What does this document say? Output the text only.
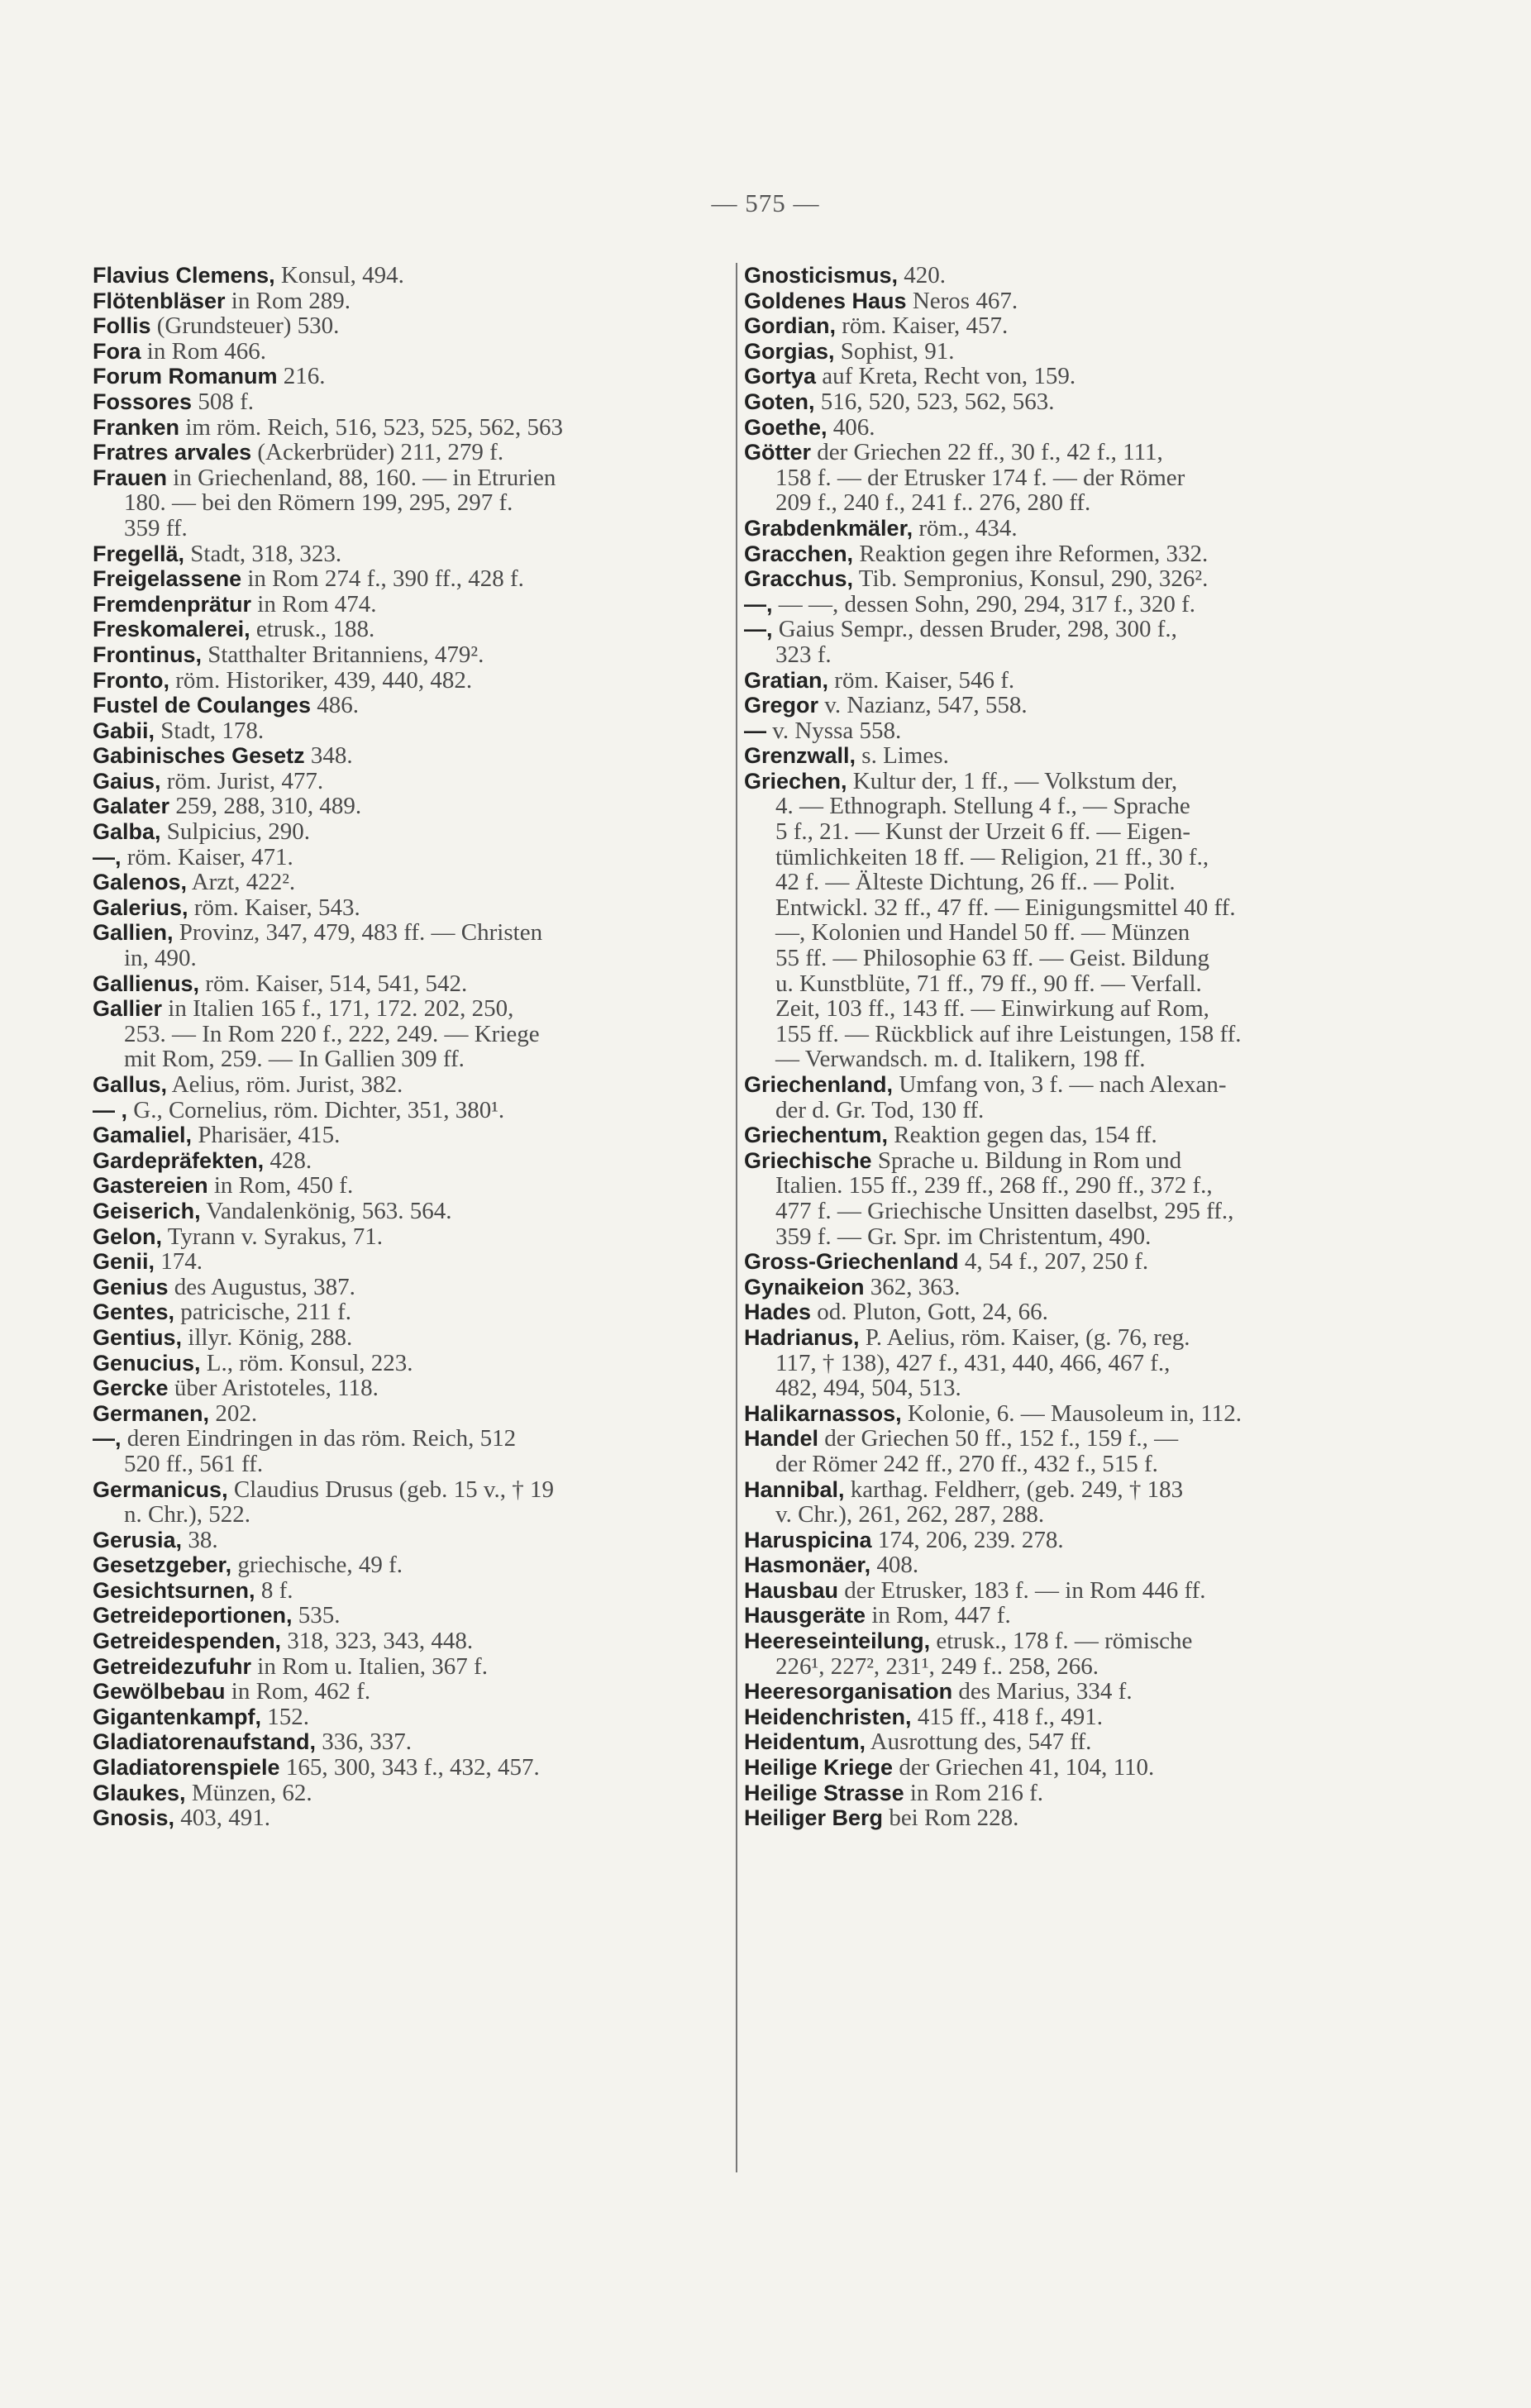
— 575 —

Flavius Clemens, Konsul, 494.

Flötenbläser in Rom 289.

Follis (Grundsteuer) 530.

Fora in Rom 466.

Forum Romanum 216.

Fossores 508 f.

Franken im röm. Reich, 516, 523, 525, 562, 563

Fratres arvales (Ackerbrüder) 211, 279 f.

Frauen in Griechenland, 88, 160. — in Etrurien

180. — bei den Römern 199, 295, 297 f.

359 ff.

Fregellä, Stadt, 318, 323.

Freigelassene in Rom 274 f., 390 ff., 428 f.

Fremdenprätur in Rom 474.

Freskomalerei, etrusk., 188.

Frontinus, Statthalter Britanniens, 479².

Fronto, röm. Historiker, 439, 440, 482.

Fustel de Coulanges 486.

Gabii, Stadt, 178.

Gabinisches Gesetz 348.

Gaius, röm. Jurist, 477.

Galater 259, 288, 310, 489.

Galba, Sulpicius, 290.

—, röm. Kaiser, 471.

Galenos, Arzt, 422².

Galerius, röm. Kaiser, 543.

Gallien, Provinz, 347, 479, 483 ff. — Christen

in, 490.

Gallienus, röm. Kaiser, 514, 541, 542.

Gallier in Italien 165 f., 171, 172. 202, 250,

253. — In Rom 220 f., 222, 249. — Kriege

mit Rom, 259. — In Gallien 309 ff.

Gallus, Aelius, röm. Jurist, 382.

— , G., Cornelius, röm. Dichter, 351, 380¹.

Gamaliel, Pharisäer, 415.

Gardepräfekten, 428.

Gastereien in Rom, 450 f.

Geiserich, Vandalenkönig, 563. 564.

Gelon, Tyrann v. Syrakus, 71.

Genii, 174.

Genius des Augustus, 387.

Gentes, patricische, 211 f.

Gentius, illyr. König, 288.

Genucius, L., röm. Konsul, 223.

Gercke über Aristoteles, 118.

Germanen, 202.

—, deren Eindringen in das röm. Reich, 512

520 ff., 561 ff.

Germanicus, Claudius Drusus (geb. 15 v., † 19

n. Chr.), 522.

Gerusia, 38.

Gesetzgeber, griechische, 49 f.

Gesichtsurnen, 8 f.

Getreideportionen, 535.

Getreidespenden, 318, 323, 343, 448.

Getreidezufuhr in Rom u. Italien, 367 f.

Gewölbebau in Rom, 462 f.

Gigantenkampf, 152.

Gladiatorenaufstand, 336, 337.

Gladiatorenspiele 165, 300, 343 f., 432, 457.

Glaukes, Münzen, 62.

Gnosis, 403, 491.

Gnosticismus, 420.

Goldenes Haus Neros 467.

Gordian, röm. Kaiser, 457.

Gorgias, Sophist, 91.

Gortya auf Kreta, Recht von, 159.

Goten, 516, 520, 523, 562, 563.

Goethe, 406.

Götter der Griechen 22 ff., 30 f., 42 f., 111,

158 f. — der Etrusker 174 f. — der Römer

209 f., 240 f., 241 f.. 276, 280 ff.

Grabdenkmäler, röm., 434.

Gracchen, Reaktion gegen ihre Reformen, 332.

Gracchus, Tib. Sempronius, Konsul, 290, 326².

—, — —, dessen Sohn, 290, 294, 317 f., 320 f.

—, Gaius Sempr., dessen Bruder, 298, 300 f.,

323 f.

Gratian, röm. Kaiser, 546 f.

Gregor v. Nazianz, 547, 558.

— v. Nyssa 558.

Grenzwall, s. Limes.

Griechen, Kultur der, 1 ff., — Volkstum der,

4. — Ethnograph. Stellung 4 f., — Sprache

5 f., 21. — Kunst der Urzeit 6 ff. — Eigen-

tümlichkeiten 18 ff. — Religion, 21 ff., 30 f.,

42 f. — Älteste Dichtung, 26 ff.. — Polit.

Entwickl. 32 ff., 47 ff. — Einigungsmittel 40 ff.

—, Kolonien und Handel 50 ff. — Münzen

55 ff. — Philosophie 63 ff. — Geist. Bildung

u. Kunstblüte, 71 ff., 79 ff., 90 ff. — Verfall.

Zeit, 103 ff., 143 ff. — Einwirkung auf Rom,

155 ff. — Rückblick auf ihre Leistungen, 158 ff.

— Verwandsch. m. d. Italikern, 198 ff.

Griechenland, Umfang von, 3 f. — nach Alexan-

der d. Gr. Tod, 130 ff.

Griechentum, Reaktion gegen das, 154 ff.

Griechische Sprache u. Bildung in Rom und

Italien. 155 ff., 239 ff., 268 ff., 290 ff., 372 f.,

477 f. — Griechische Unsitten daselbst, 295 ff.,

359 f. — Gr. Spr. im Christentum, 490.

Gross-Griechenland 4, 54 f., 207, 250 f.

Gynaikeion 362, 363.

Hades od. Pluton, Gott, 24, 66.

Hadrianus, P. Aelius, röm. Kaiser, (g. 76, reg.

117, † 138), 427 f., 431, 440, 466, 467 f.,

482, 494, 504, 513.

Halikarnassos, Kolonie, 6. — Mausoleum in, 112.

Handel der Griechen 50 ff., 152 f., 159 f., —

der Römer 242 ff., 270 ff., 432 f., 515 f.

Hannibal, karthag. Feldherr, (geb. 249, † 183

v. Chr.), 261, 262, 287, 288.

Haruspicina 174, 206, 239. 278.

Hasmonäer, 408.

Hausbau der Etrusker, 183 f. — in Rom 446 ff.

Hausgeräte in Rom, 447 f.

Heereseinteilung, etrusk., 178 f. — römische

226¹, 227², 231¹, 249 f.. 258, 266.

Heeresorganisation des Marius, 334 f.

Heidenchristen, 415 ff., 418 f., 491.

Heidentum, Ausrottung des, 547 ff.

Heilige Kriege der Griechen 41, 104, 110.

Heilige Strasse in Rom 216 f.

Heiliger Berg bei Rom 228.
